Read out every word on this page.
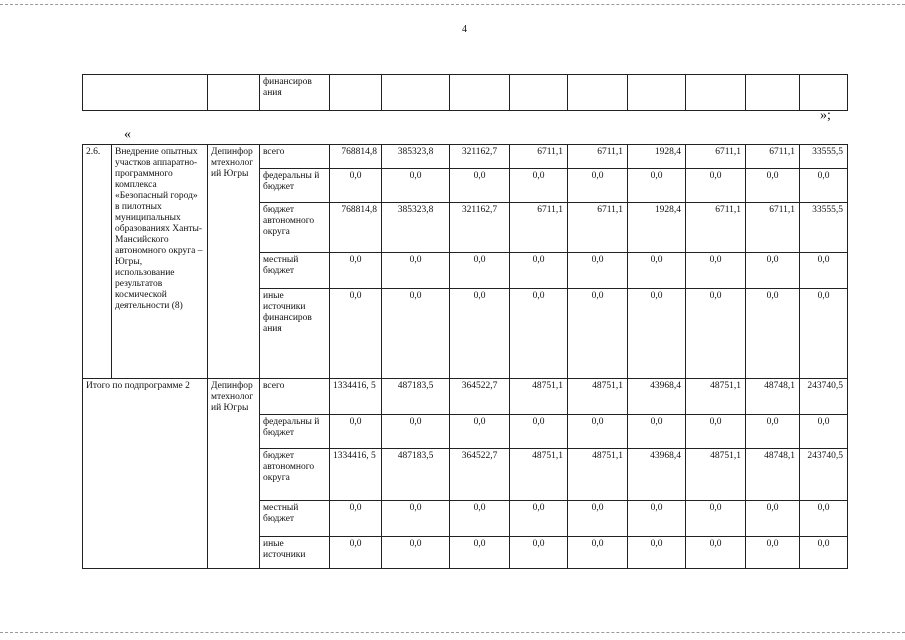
4
		финансиров
ания									
»;
«
2.6.	Внедрение опытных участков аппаратно-программного комплекса «Безопасный город» в пилотных муниципальных образованиях Ханты-Мансийского автономного округа – Югры, использование результатов космической деятельности (8)	Депинфор мтехнолог ий Югры	всего	768814,8	385323,8	321162,7	6711,1	6711,1	1928,4	6711,1	6711,1	33555,5
			федеральны й бюджет	0,0	0,0	0,0	0,0	0,0	0,0	0,0	0,0	0,0
			бюджет автономного округа	768814,8	385323,8	321162,7	6711,1	6711,1	1928,4	6711,1	6711,1	33555,5
			местный бюджет	0,0	0,0	0,0	0,0	0,0	0,0	0,0	0,0	0,0
			иные источники финансиров ания	0,0	0,0	0,0	0,0	0,0	0,0	0,0	0,0	0,0
Итого по подпрограмме 2		Депинфор мтехнолог ий Югры	всего	1334416, 5	487183,5	364522,7	48751,1	48751,1	43968,4	48751,1	48748,1	243740,5
			федеральны й бюджет	0,0	0,0	0,0	0,0	0,0	0,0	0,0	0,0	0,0
			бюджет автономного округа	1334416, 5	487183,5	364522,7	48751,1	48751,1	43968,4	48751,1	48748,1	243740,5
			местный бюджет	0,0	0,0	0,0	0,0	0,0	0,0	0,0	0,0	0,0
			иные источники	0,0	0,0	0,0	0,0	0,0	0,0	0,0	0,0	0,0
